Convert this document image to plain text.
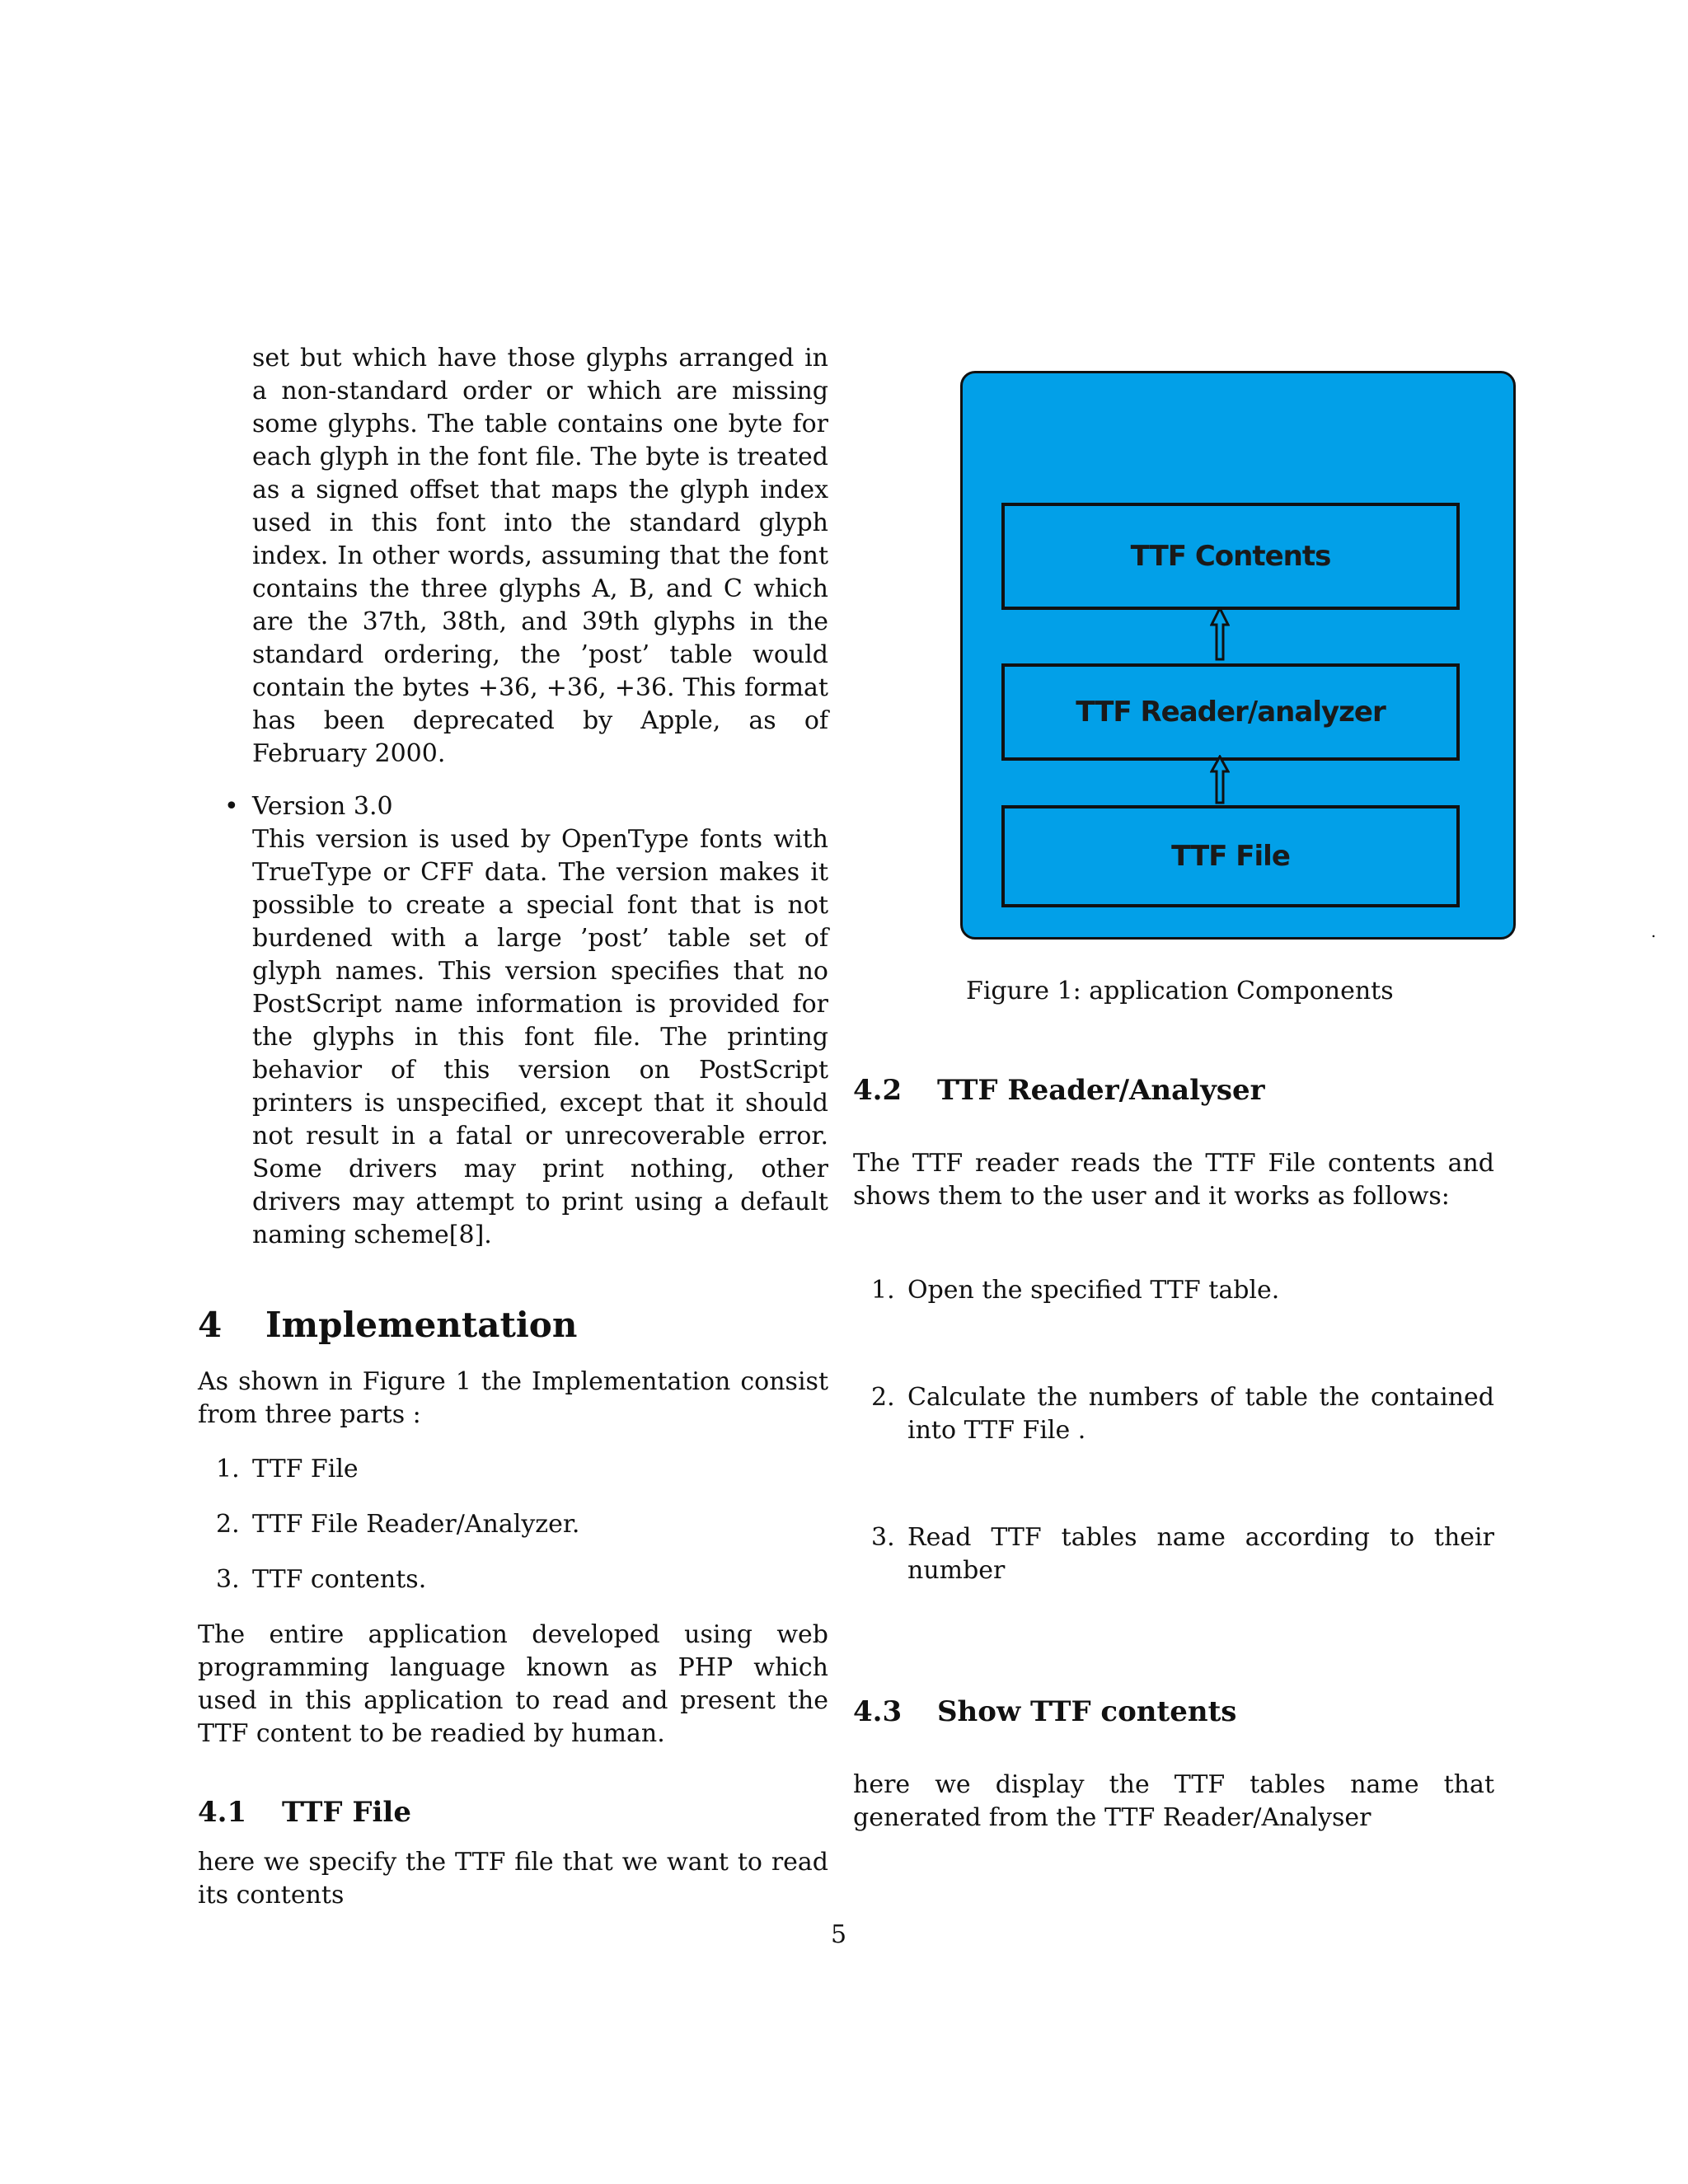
set but which have those glyphs arranged in a non-standard order or which are missing some glyphs. The table contains one byte for each glyph in the font file. The byte is treated as a signed offset that maps the glyph index used in this font into the standard glyph index. In other words, assuming that the font contains the three glyphs A, B, and C which are the 37th, 38th, and 39th glyphs in the standard ordering, the ’post’ table would contain the bytes +36, +36, +36. This format has been deprecated by Apple, as of February 2000.

• Version 3.0

This version is used by OpenType fonts with TrueType or CFF data. The version makes it possible to create a special font that is not burdened with a large ’post’ table set of glyph names. This version specifies that no PostScript name information is provided for the glyphs in this font file. The printing behavior of this version on PostScript printers is unspecified, except that it should not result in a fatal or unrecoverable error. Some drivers may print nothing, other drivers may attempt to print using a default naming scheme[8].

4 Implementation

As shown in Figure 1 the Implementation consist from three parts :

1. TTF File
2. TTF File Reader/Analyzer.
3. TTF contents.

The entire application developed using web programming language known as PHP which used in this application to read and present the TTF content to be readied by human.

4.1 TTF File

here we specify the TTF file that we want to read its contents

TTF Contents
TTF Reader/analyzer
TTF File
Figure 1: application Components
.
4.2 TTF Reader/Analyser

The TTF reader reads the TTF File contents and shows them to the user and it works as follows:

1. Open the specified TTF table.
2. Calculate the numbers of table the contained into TTF File .
3. Read TTF tables name according to their number
4.3 Show TTF contents

here we display the TTF tables name that generated from the TTF Reader/Analyser

5
